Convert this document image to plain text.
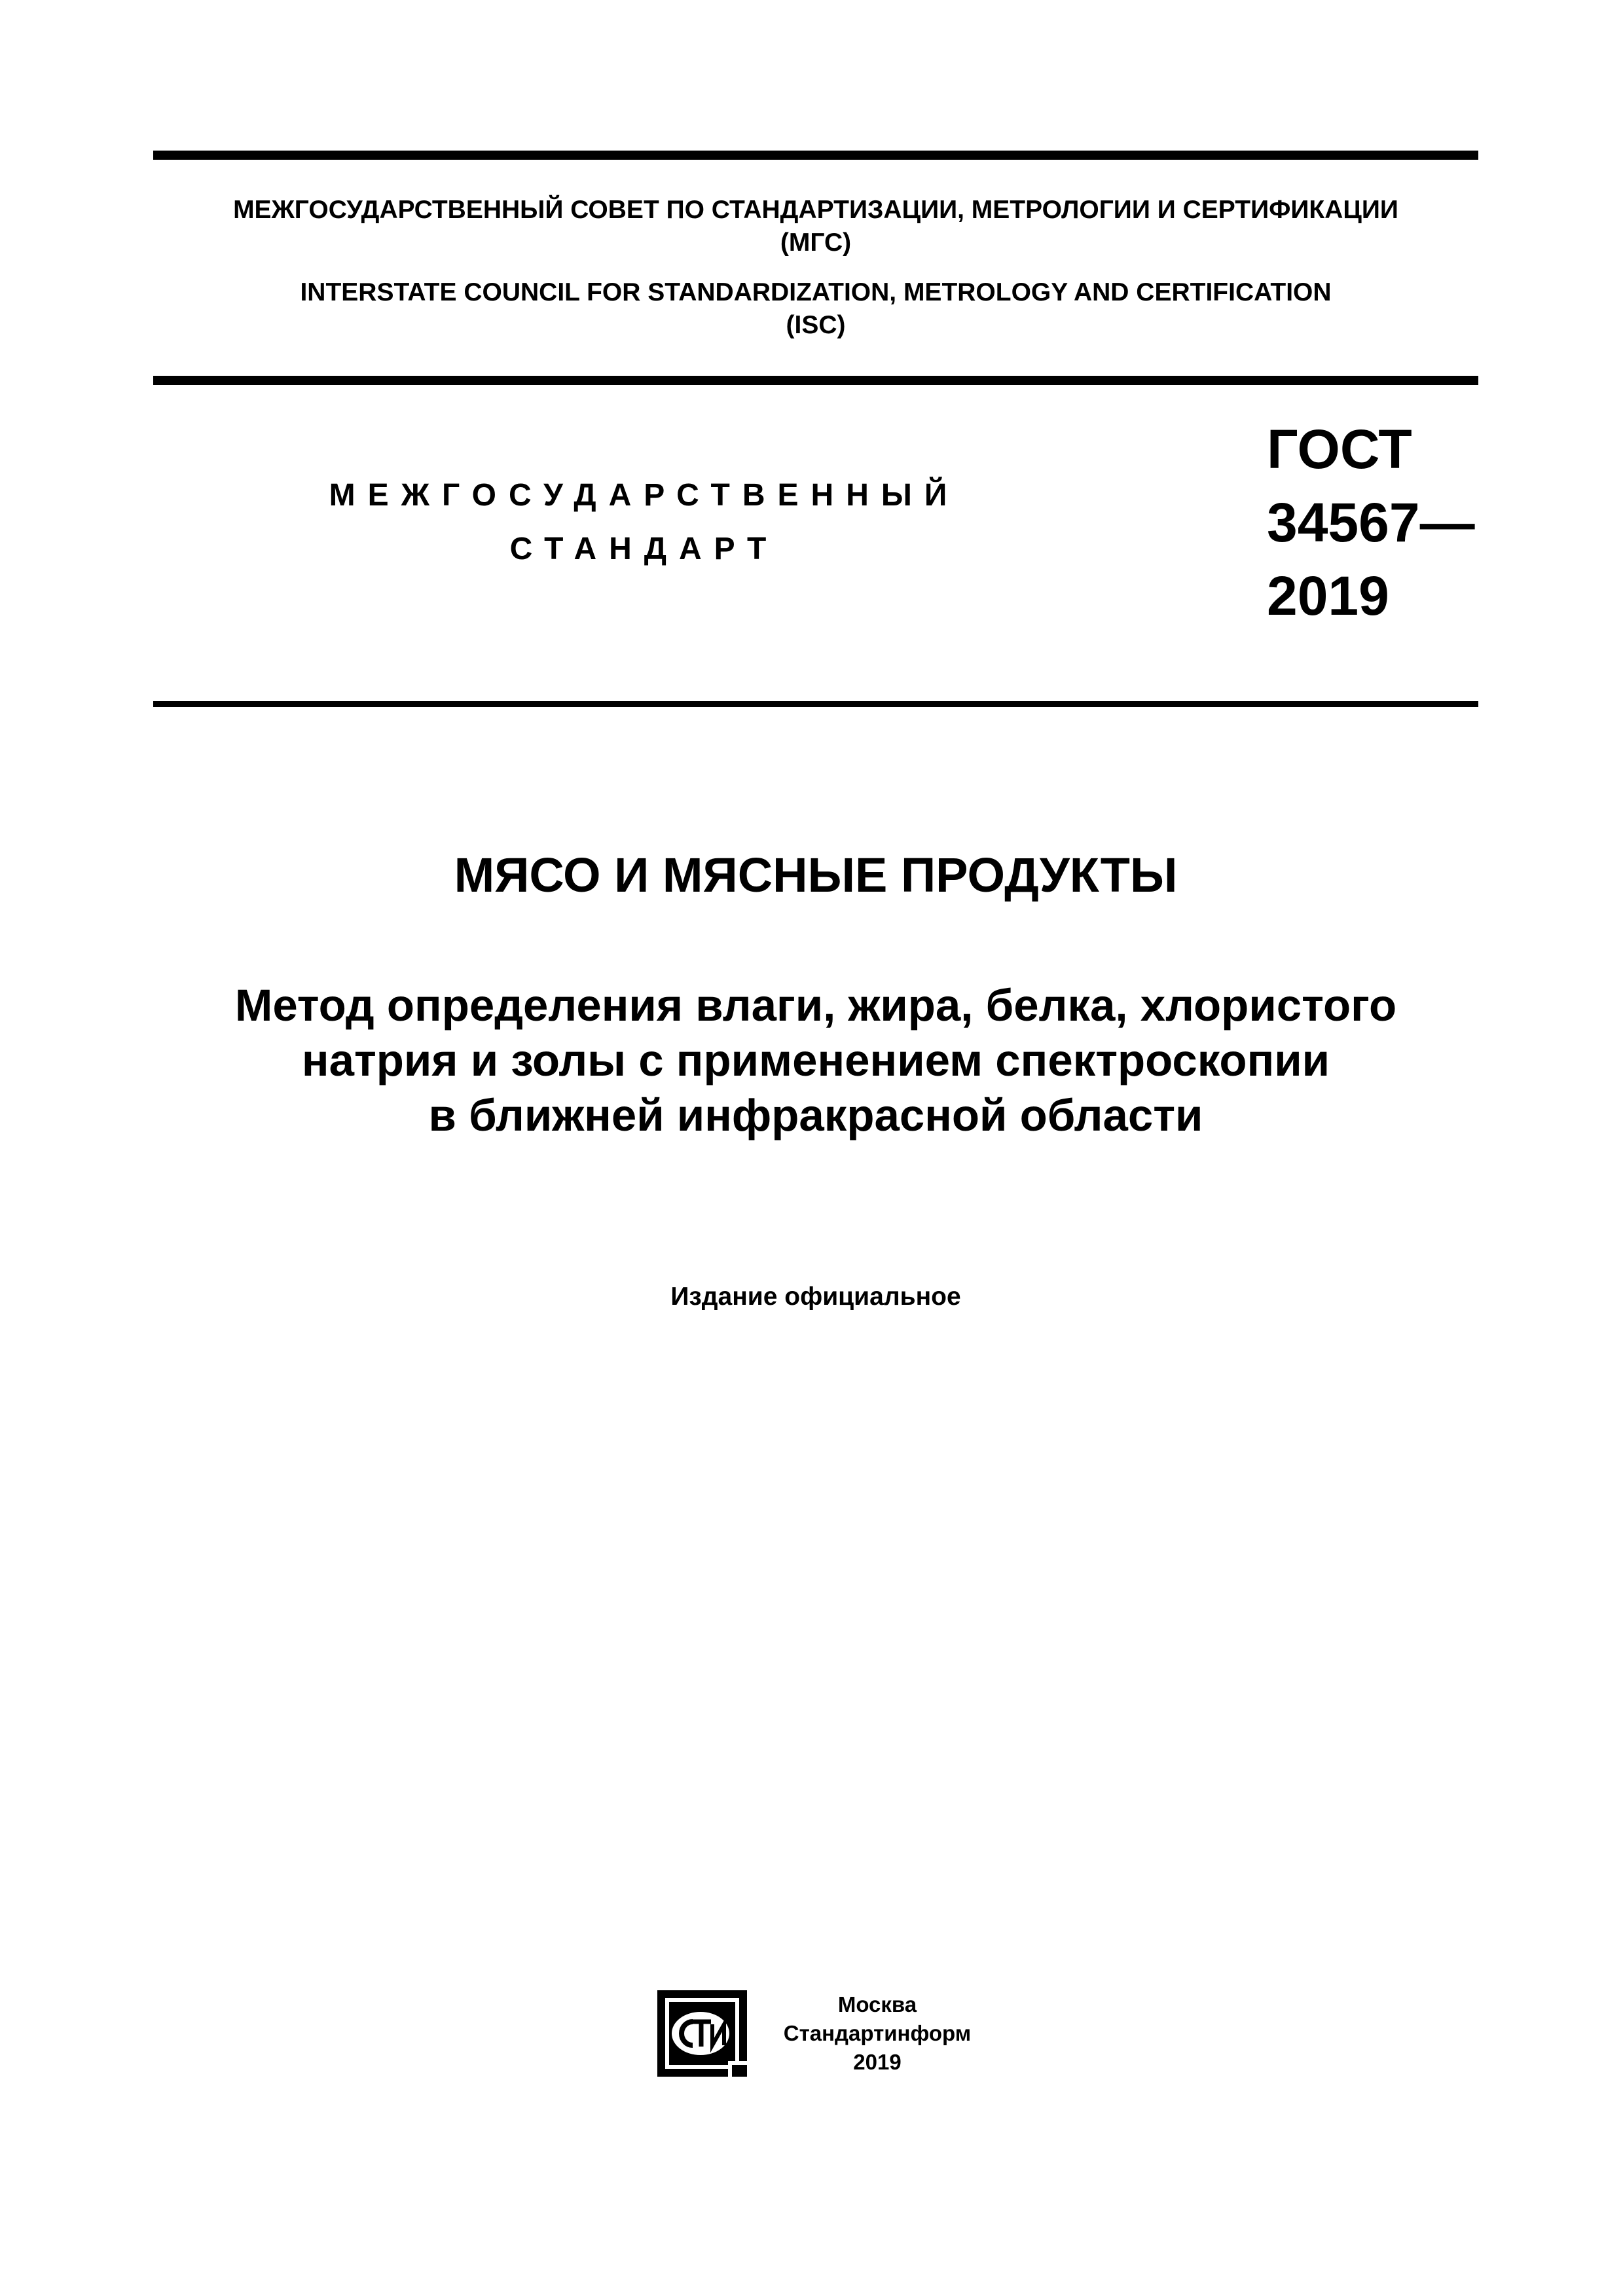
МЕЖГОСУДАРСТВЕННЫЙ СОВЕТ ПО СТАНДАРТИЗАЦИИ, МЕТРОЛОГИИ И СЕРТИФИКАЦИИ
(МГС)
INTERSTATE COUNCIL FOR STANDARDIZATION, METROLOGY AND CERTIFICATION
(ISC)
МЕЖГОСУДАРСТВЕННЫЙ
СТАНДАРТ
ГОСТ
34567—
2019
МЯСО И МЯСНЫЕ ПРОДУКТЫ
Метод определения влаги, жира, белка, хлористого
натрия и золы с применением спектроскопии
в ближней инфракрасной области
Издание официальное
Москва
Стандартинформ
2019
